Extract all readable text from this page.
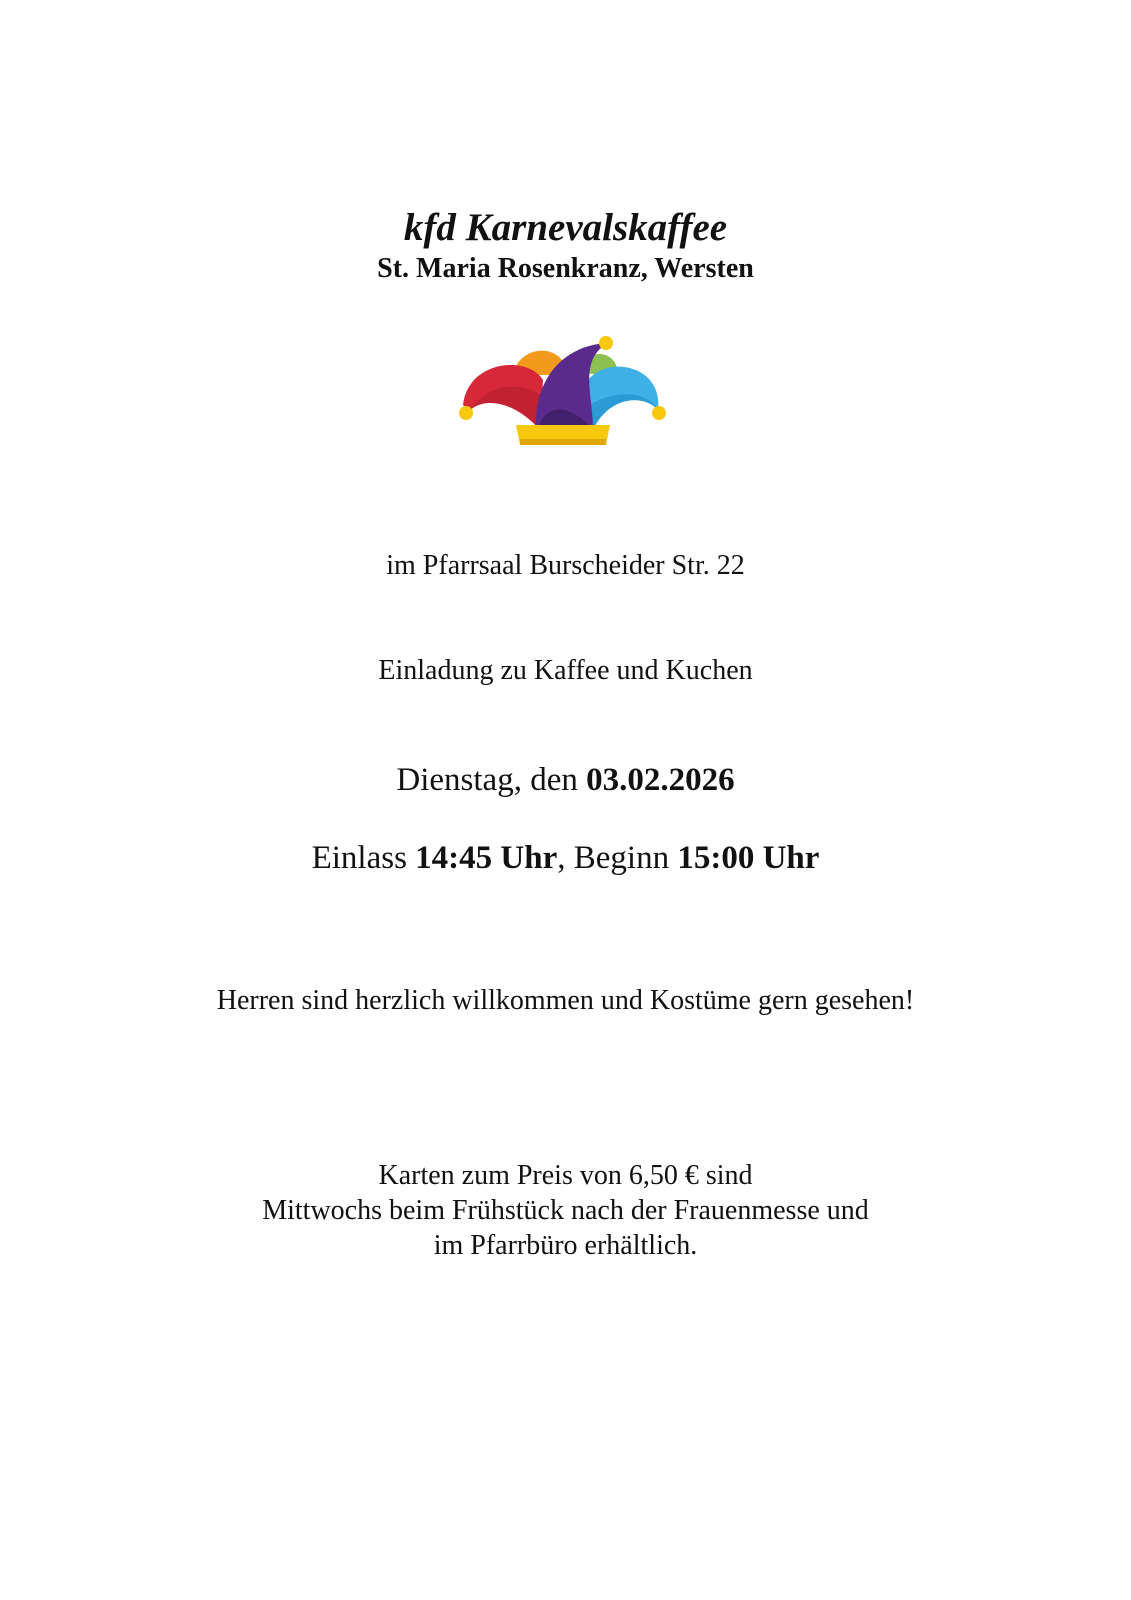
kfd Karnevalskaffee
St. Maria Rosenkranz, Wersten
im Pfarrsaal Burscheider Str. 22
Einladung zu Kaffee und Kuchen
Dienstag, den 03.02.2026
Einlass 14:45 Uhr, Beginn 15:00 Uhr
Herren sind herzlich willkommen und Kostüme gern gesehen!
Karten zum Preis von 6,50 € sind
Mittwochs beim Frühstück nach der Frauenmesse und
im Pfarrbüro erhältlich.
